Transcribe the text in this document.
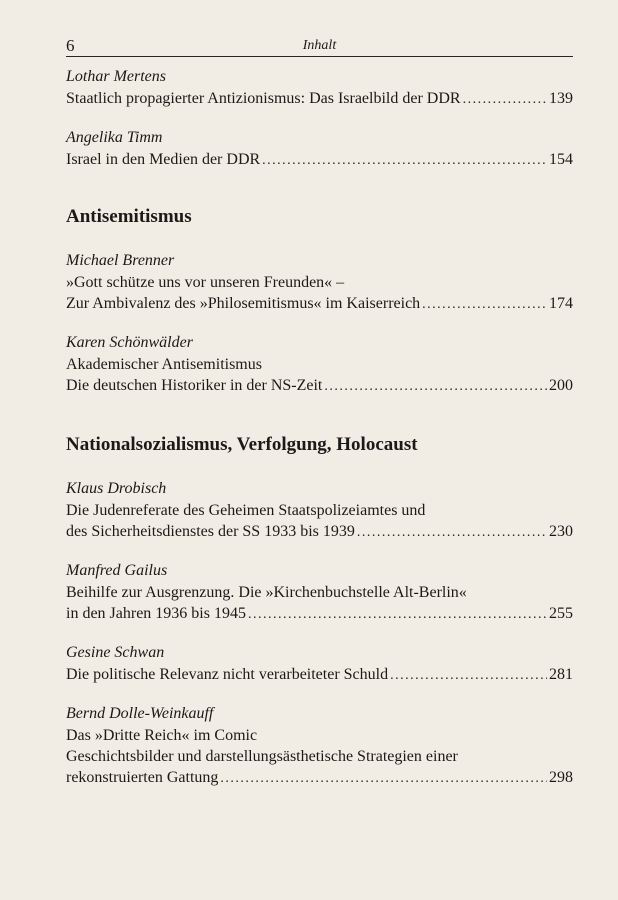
6	Inhalt
Lothar Mertens
Staatlich propagierter Antizionismus: Das Israelbild der DDR .....	139
Angelika Timm
Israel in den Medien der DDR .....	154
Antisemitismus
Michael Brenner
»Gott schütze uns vor unseren Freunden« –
Zur Ambivalenz des »Philosemitismus« im Kaiserreich .....	174
Karen Schönwälder
Akademischer Antisemitismus
Die deutschen Historiker in der NS-Zeit .....	200
Nationalsozialismus, Verfolgung, Holocaust
Klaus Drobisch
Die Judenreferate des Geheimen Staatspolizeiamtes und
des Sicherheitsdienstes der SS 1933 bis 1939 .....	230
Manfred Gailus
Beihilfe zur Ausgrenzung. Die »Kirchenbuchstelle Alt-Berlin«
in den Jahren 1936 bis 1945 .....	255
Gesine Schwan
Die politische Relevanz nicht verarbeiteter Schuld .....	281
Bernd Dolle-Weinkauff
Das »Dritte Reich« im Comic
Geschichtsbilder und darstellungsästhetische Strategien einer
rekonstruierten Gattung .....	298
